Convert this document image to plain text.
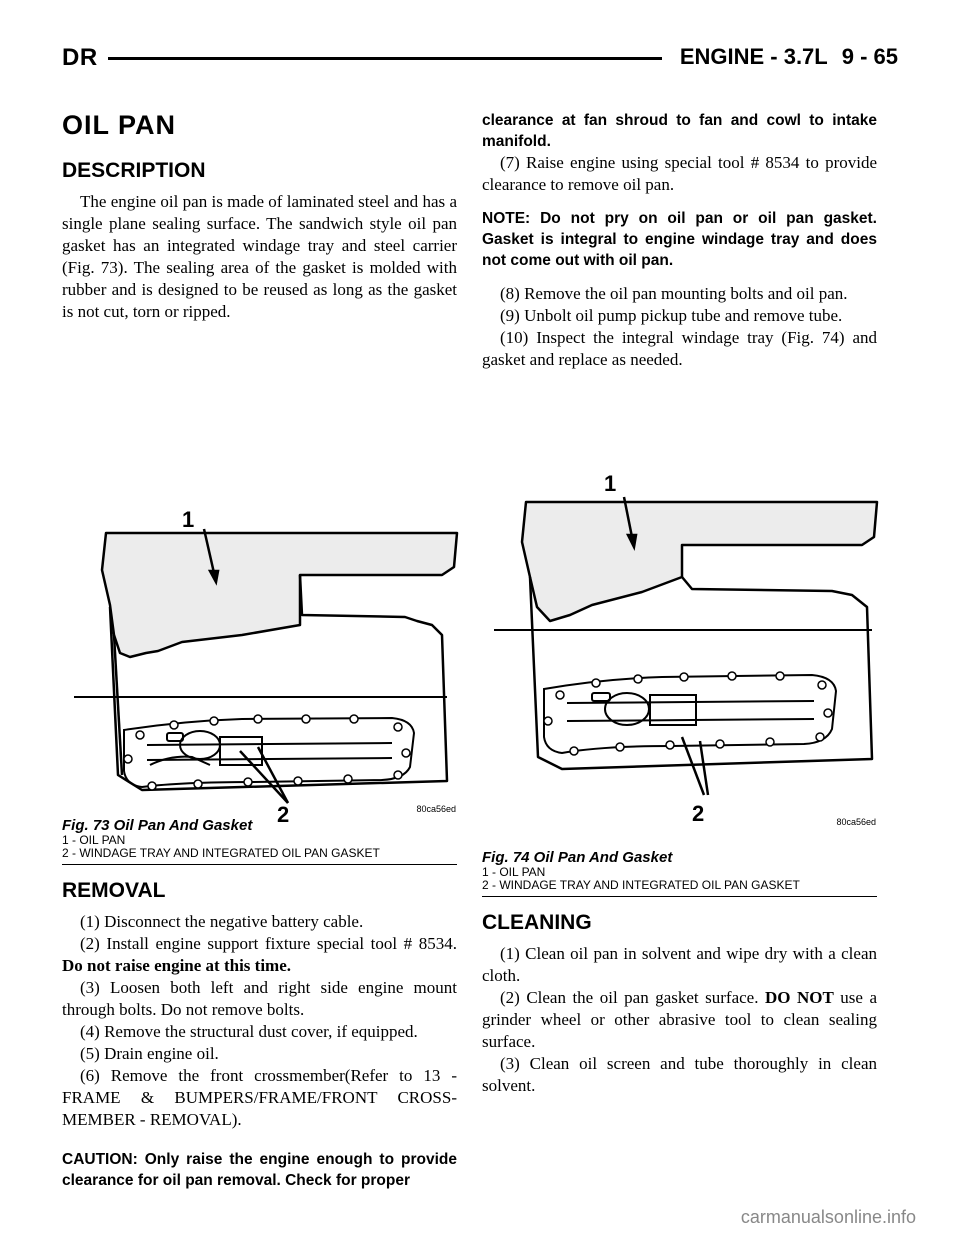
DR	ENGINE - 3.7L 9 - 65
OIL PAN
DESCRIPTION

The engine oil pan is made of laminated steel and has a single plane sealing surface. The sandwich style oil pan gasket has an integrated windage tray and steel carrier (Fig. 73). The sealing area of the gasket is molded with rubber and is designed to be reused as long as the gasket is not cut, torn or ripped.

1
2	80ca56ed
Fig. 73 Oil Pan And Gasket
1 - OIL PAN
2 - WINDAGE TRAY AND INTEGRATED OIL PAN GASKET
REMOVAL

(1) Disconnect the negative battery cable.

(2) Install engine support fixture special tool # 8534. Do not raise engine at this time.

(3) Loosen both left and right side engine mount through bolts. Do not remove bolts.

(4) Remove the structural dust cover, if equipped.

(5) Drain engine oil.

(6) Remove the front crossmember(Refer to 13 - FRAME & BUMPERS/FRAME/FRONT CROSS-MEMBER - REMOVAL).

CAUTION: Only raise the engine enough to provide clearance for oil pan removal. Check for proper

clearance at fan shroud to fan and cowl to intake manifold.

(7) Raise engine using special tool # 8534 to provide clearance to remove oil pan.

NOTE: Do not pry on oil pan or oil pan gasket. Gasket is integral to engine windage tray and does not come out with oil pan.

(8) Remove the oil pan mounting bolts and oil pan.

(9) Unbolt oil pump pickup tube and remove tube.

(10) Inspect the integral windage tray (Fig. 74) and gasket and replace as needed.

1
2	80ca56ed
Fig. 74 Oil Pan And Gasket
1 - OIL PAN
2 - WINDAGE TRAY AND INTEGRATED OIL PAN GASKET
CLEANING

(1) Clean oil pan in solvent and wipe dry with a clean cloth.

(2) Clean the oil pan gasket surface. DO NOT use a grinder wheel or other abrasive tool to clean sealing surface.

(3) Clean oil screen and tube thoroughly in clean solvent.

carmanualsonline.info
